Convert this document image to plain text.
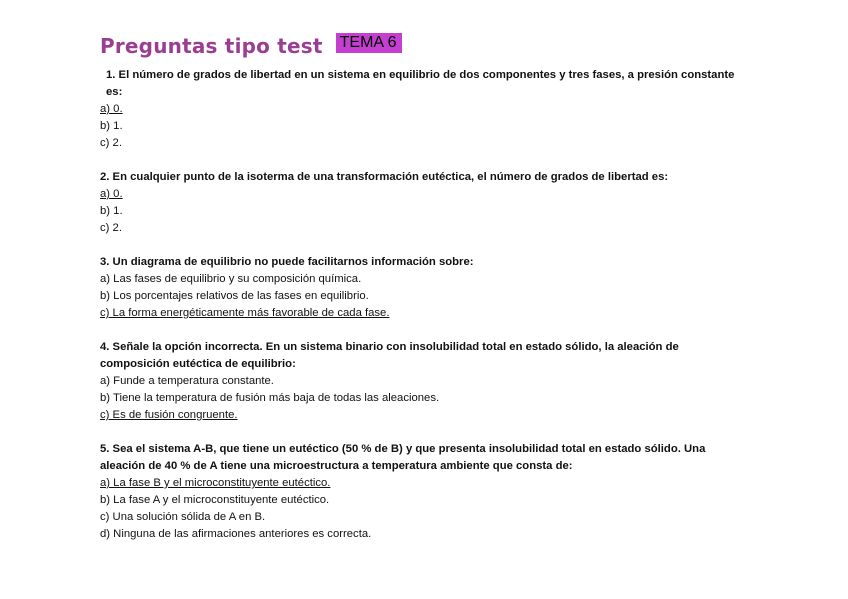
Preguntas tipo test TEMA 6
1. El número de grados de libertad en un sistema en equilibrio de dos componentes y tres fases, a presión constante es:
a) 0.
b) 1.
c) 2.
2. En cualquier punto de la isoterma de una transformación eutéctica, el número de grados de libertad es:
a) 0.
b) 1.
c) 2.
3. Un diagrama de equilibrio no puede facilitarnos información sobre:
a) Las fases de equilibrio y su composición química.
b) Los porcentajes relativos de las fases en equilibrio.
c) La forma energéticamente más favorable de cada fase.
4. Señale la opción incorrecta. En un sistema binario con insolubilidad total en estado sólido, la aleación de composición eutéctica de equilibrio:
a) Funde a temperatura constante.
b) Tiene la temperatura de fusión más baja de todas las aleaciones.
c) Es de fusión congruente.
5. Sea el sistema A-B, que tiene un eutéctico (50 % de B) y que presenta insolubilidad total en estado sólido. Una aleación de 40 % de A tiene una microestructura a temperatura ambiente que consta de:
a) La fase B y el microconstituyente eutéctico.
b) La fase A y el microconstituyente eutéctico.
c) Una solución sólida de A en B.
d) Ninguna de las afirmaciones anteriores es correcta.
